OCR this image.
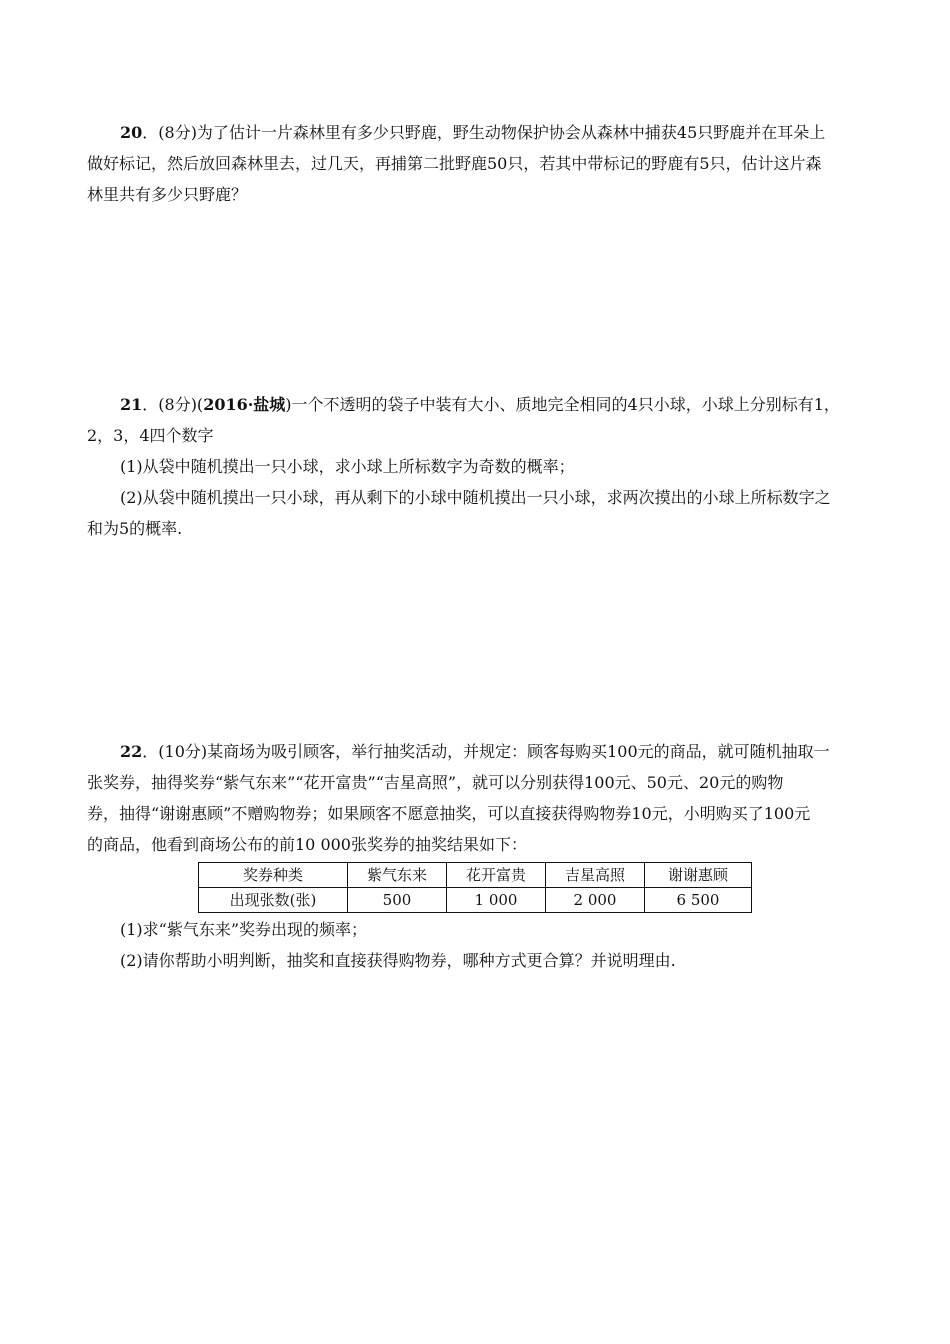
20．(8分)为了估计一片森林里有多少只野鹿，野生动物保护协会从森林中捕获45只野鹿并在耳朵上
做好标记，然后放回森林里去，过几天，再捕第二批野鹿50只，若其中带标记的野鹿有5只，估计这片森
林里共有多少只野鹿？
21．(8分)(2016·盐城)一个不透明的袋子中装有大小、质地完全相同的4只小球，小球上分别标有1，
2，3，4四个数字
(1)从袋中随机摸出一只小球，求小球上所标数字为奇数的概率；
(2)从袋中随机摸出一只小球，再从剩下的小球中随机摸出一只小球，求两次摸出的小球上所标数字之
和为5的概率.
22．(10分)某商场为吸引顾客，举行抽奖活动，并规定：顾客每购买100元的商品，就可随机抽取一
张奖券，抽得奖券“紫气东来”“花开富贵”“吉星高照”，就可以分别获得100元、50元、20元的购物
券，抽得“谢谢惠顾”不赠购物券；如果顾客不愿意抽奖，可以直接获得购物券10元，小明购买了100元
的商品，他看到商场公布的前10 000张奖券的抽奖结果如下：
奖券种类	紫气东来	花开富贵	吉星高照	谢谢惠顾
出现张数(张)	500	1 000	2 000	6 500
(1)求“紫气东来”奖券出现的频率；
(2)请你帮助小明判断，抽奖和直接获得购物券，哪种方式更合算？并说明理由.
